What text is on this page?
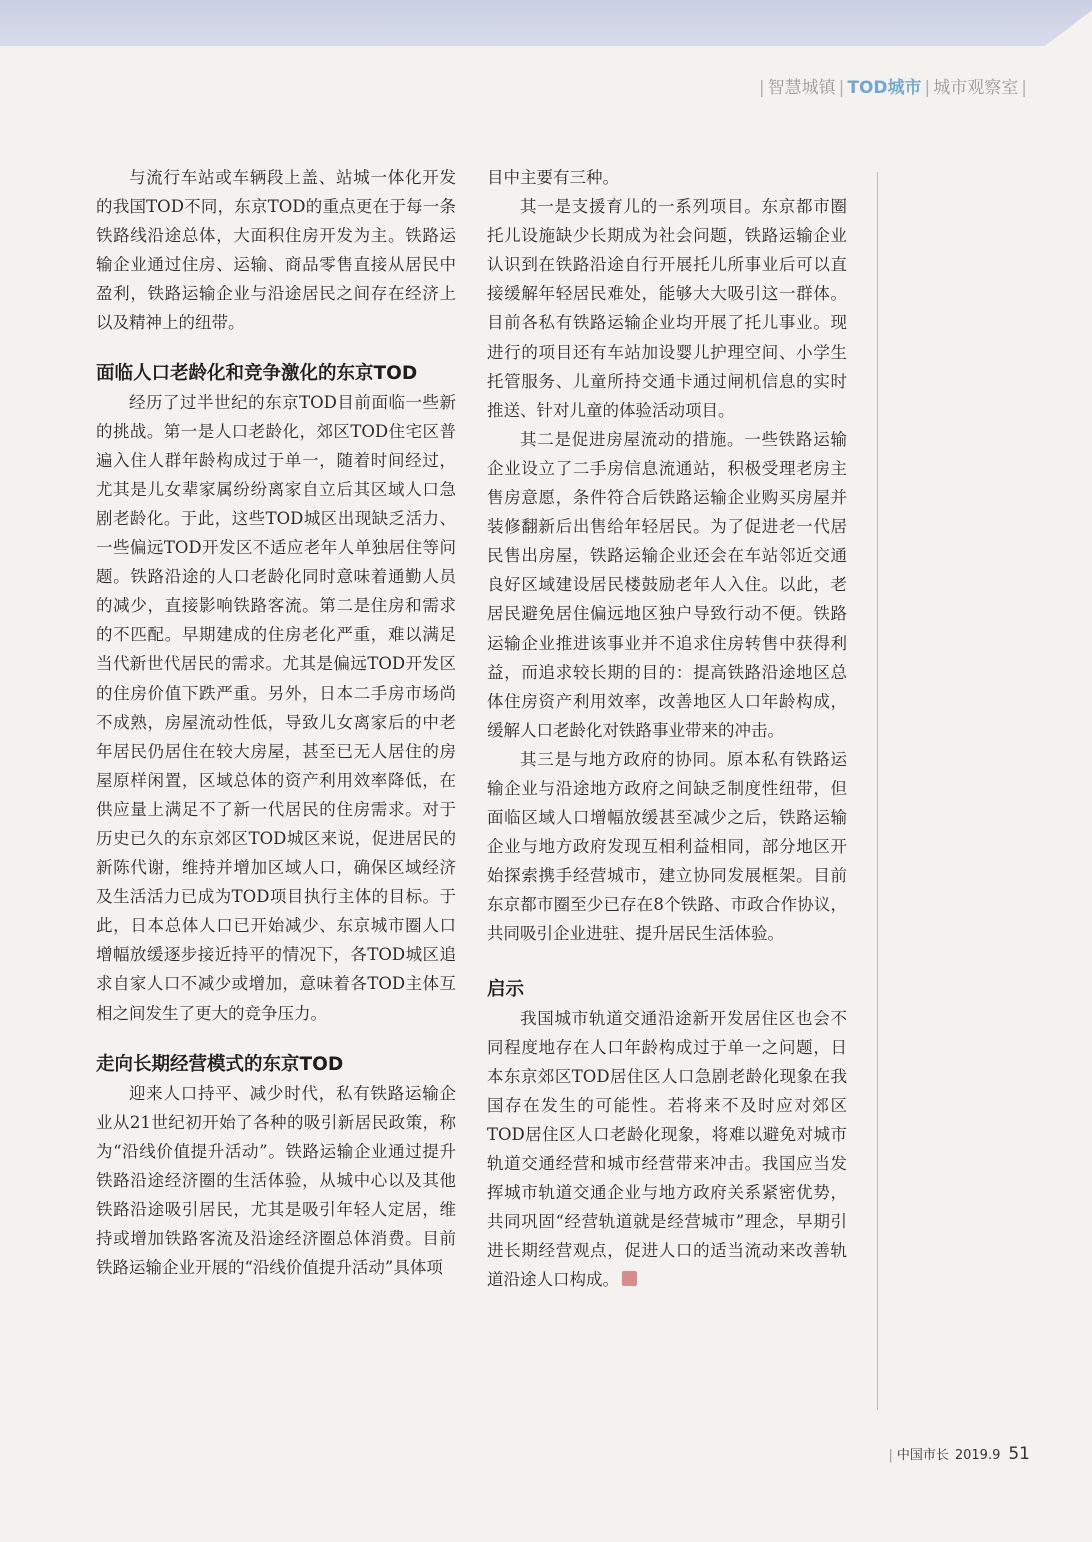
| 智慧城镇 | TOD城市 | 城市观察室 |

与流行车站或车辆段上盖、站城一体化开发的我国TOD不同，东京TOD的重点更在于每一条铁路线沿途总体，大面积住房开发为主。铁路运输企业通过住房、运输、商品零售直接从居民中盈利，铁路运输企业与沿途居民之间存在经济上以及精神上的纽带。

面临人口老龄化和竞争激化的东京TOD

经历了过半世纪的东京TOD目前面临一些新的挑战。第一是人口老龄化，郊区TOD住宅区普遍入住人群年龄构成过于单一，随着时间经过，尤其是儿女辈家属纷纷离家自立后其区域人口急剧老龄化。于此，这些TOD城区出现缺乏活力、一些偏远TOD开发区不适应老年人单独居住等问题。铁路沿途的人口老龄化同时意味着通勤人员的减少，直接影响铁路客流。第二是住房和需求的不匹配。早期建成的住房老化严重，难以满足当代新世代居民的需求。尤其是偏远TOD开发区的住房价值下跌严重。另外，日本二手房市场尚不成熟，房屋流动性低，导致儿女离家后的中老年居民仍居住在较大房屋，甚至已无人居住的房屋原样闲置，区域总体的资产利用效率降低，在供应量上满足不了新一代居民的住房需求。对于历史已久的东京郊区TOD城区来说，促进居民的新陈代谢，维持并增加区域人口，确保区域经济及生活活力已成为TOD项目执行主体的目标。于此，日本总体人口已开始减少、东京城市圈人口增幅放缓逐步接近持平的情况下，各TOD城区追求自家人口不减少或增加，意味着各TOD主体互相之间发生了更大的竞争压力。

走向长期经营模式的东京TOD

迎来人口持平、减少时代，私有铁路运输企业从21世纪初开始了各种的吸引新居民政策，称为“沿线价值提升活动”。铁路运输企业通过提升铁路沿途经济圈的生活体验，从城中心以及其他铁路沿途吸引居民，尤其是吸引年轻人定居，维持或增加铁路客流及沿途经济圈总体消费。目前铁路运输企业开展的“沿线价值提升活动”具体项

目中主要有三种。

其一是支援育儿的一系列项目。东京都市圈托儿设施缺少长期成为社会问题，铁路运输企业认识到在铁路沿途自行开展托儿所事业后可以直接缓解年轻居民难处，能够大大吸引这一群体。目前各私有铁路运输企业均开展了托儿事业。现进行的项目还有车站加设婴儿护理空间、小学生托管服务、儿童所持交通卡通过闸机信息的实时推送、针对儿童的体验活动项目。

其二是促进房屋流动的措施。一些铁路运输企业设立了二手房信息流通站，积极受理老房主售房意愿，条件符合后铁路运输企业购买房屋并装修翻新后出售给年轻居民。为了促进老一代居民售出房屋，铁路运输企业还会在车站邻近交通良好区域建设居民楼鼓励老年人入住。以此，老居民避免居住偏远地区独户导致行动不便。铁路运输企业推进该事业并不追求住房转售中获得利益，而追求较长期的目的：提高铁路沿途地区总体住房资产利用效率，改善地区人口年龄构成，缓解人口老龄化对铁路事业带来的冲击。

其三是与地方政府的协同。原本私有铁路运输企业与沿途地方政府之间缺乏制度性纽带，但面临区域人口增幅放缓甚至减少之后，铁路运输企业与地方政府发现互相利益相同，部分地区开始探索携手经营城市，建立协同发展框架。目前东京都市圈至少已存在8个铁路、市政合作协议，共同吸引企业进驻、提升居民生活体验。

启示

我国城市轨道交通沿途新开发居住区也会不同程度地存在人口年龄构成过于单一之问题，日本东京郊区TOD居住区人口急剧老龄化现象在我国存在发生的可能性。若将来不及时应对郊区TOD居住区人口老龄化现象，将难以避免对城市轨道交通经营和城市经营带来冲击。我国应当发挥城市轨道交通企业与地方政府关系紧密优势，共同巩固“经营轨道就是经营城市”理念，早期引进长期经营观点，促进人口的适当流动来改善轨道沿途人口构成。

| 中国市长 2019.9 51
